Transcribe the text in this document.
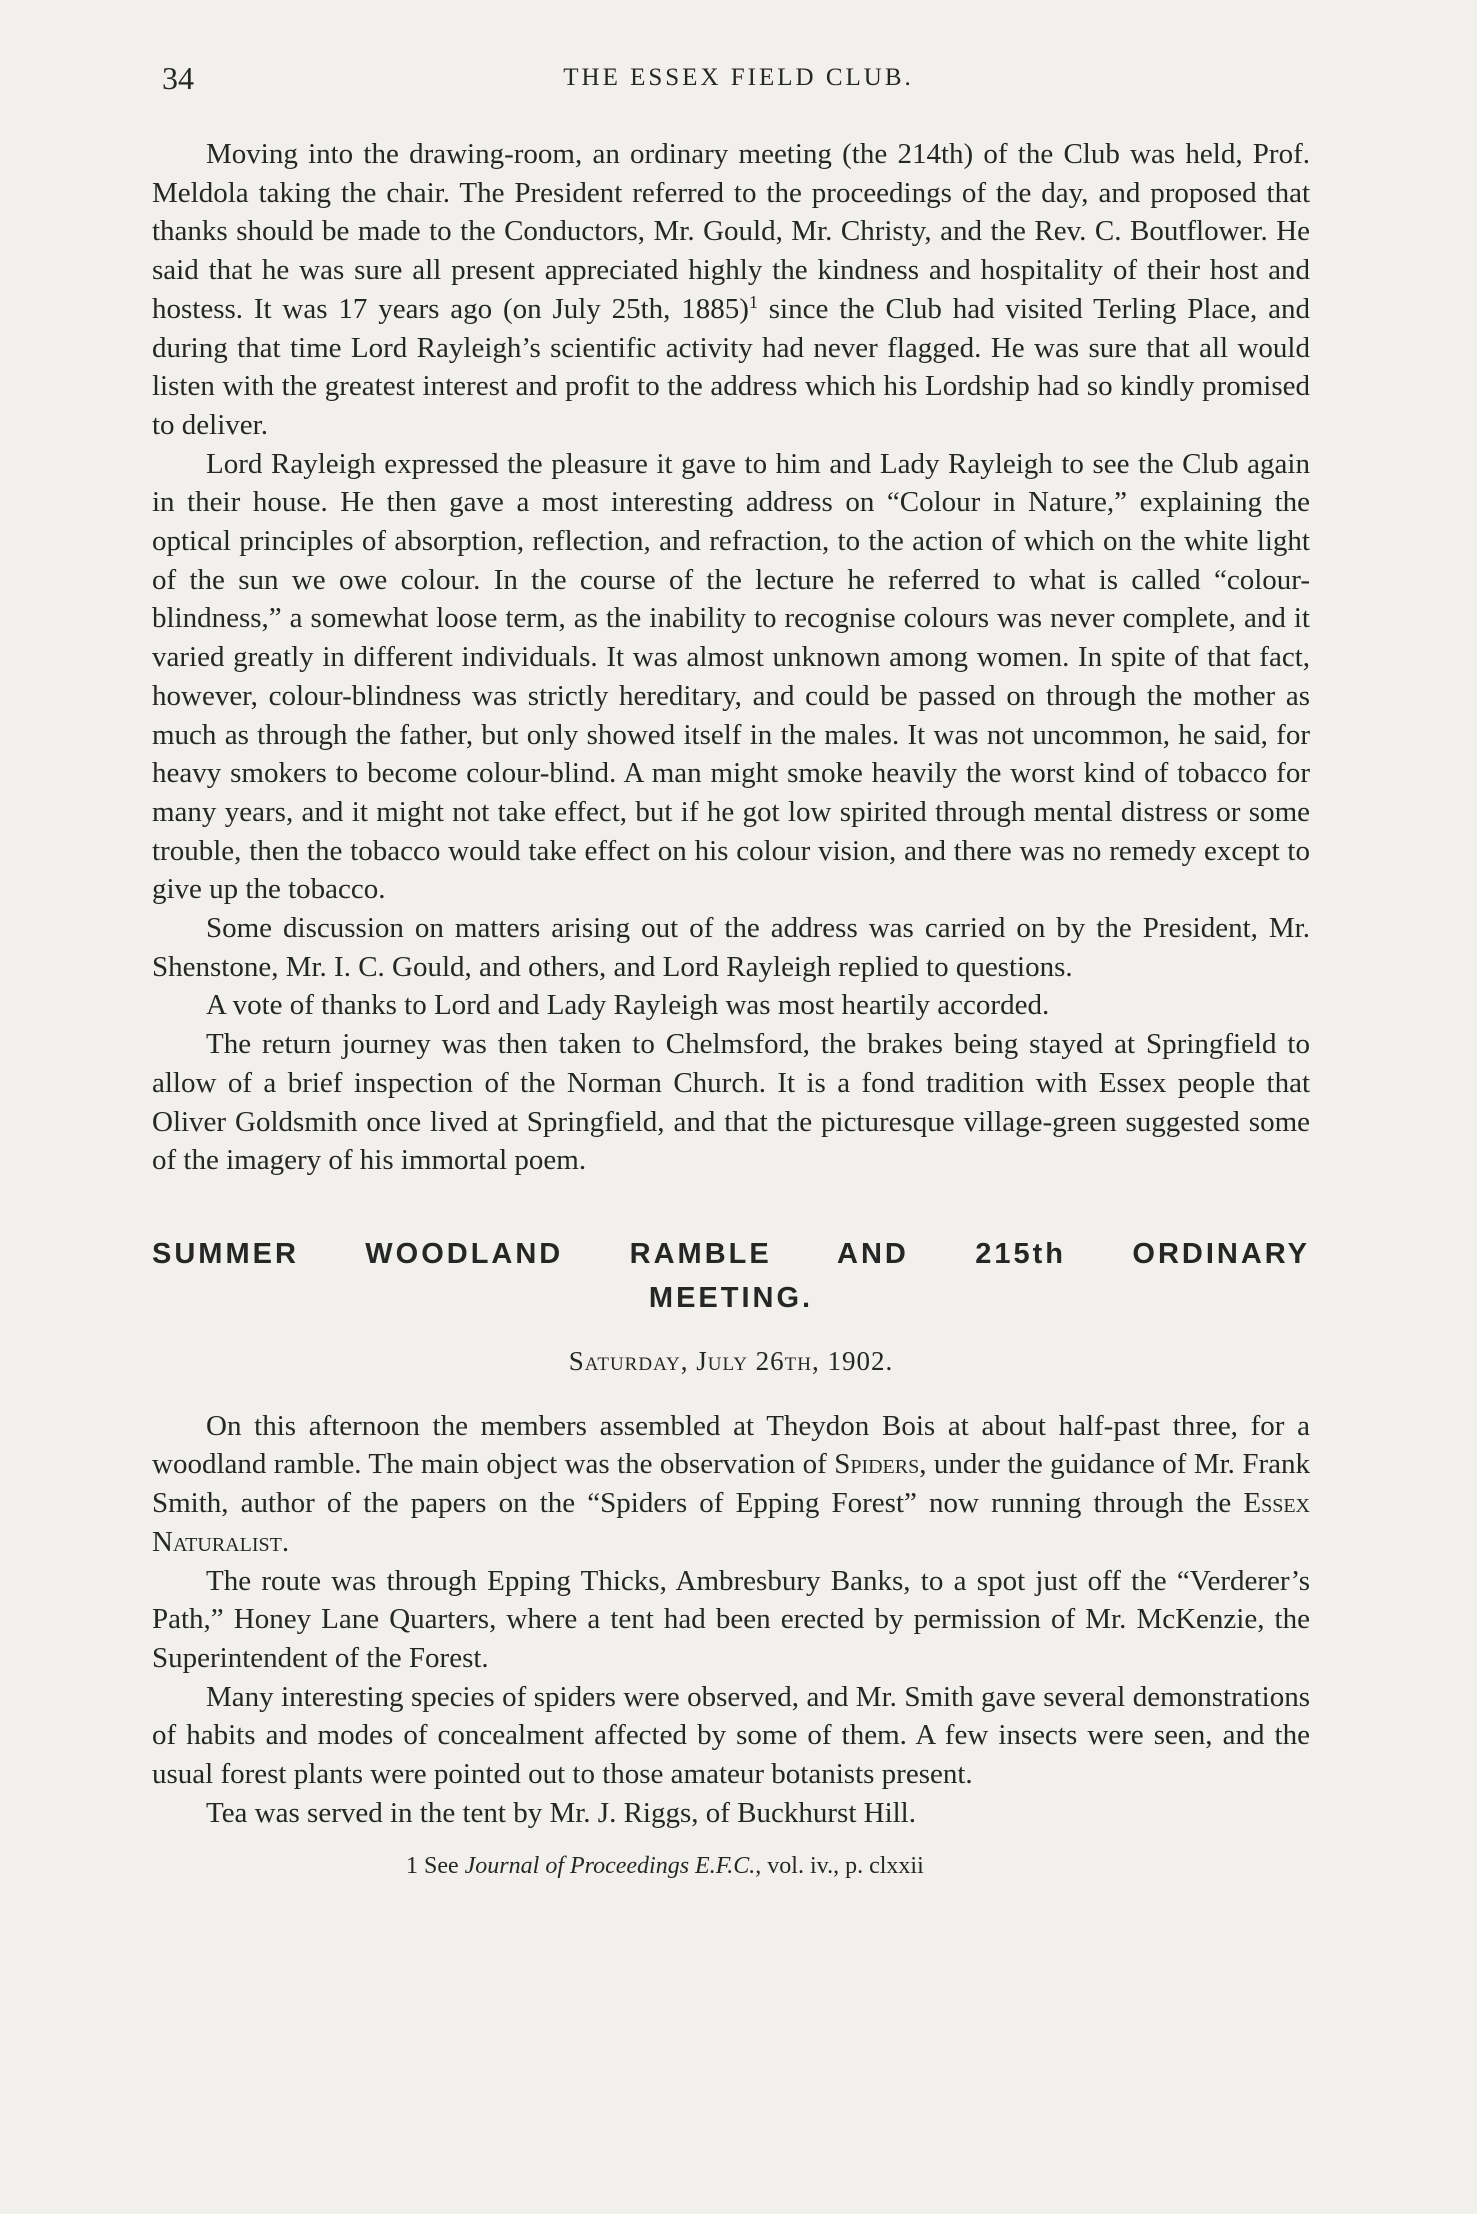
34	THE ESSEX FIELD CLUB.

Moving into the drawing-room, an ordinary meeting (the 214th) of the Club was held, Prof. Meldola taking the chair. The President referred to the proceedings of the day, and proposed that thanks should be made to the Conductors, Mr. Gould, Mr. Christy, and the Rev. C. Boutflower. He said that he was sure all present appreciated highly the kindness and hospitality of their host and hostess. It was 17 years ago (on July 25th, 1885)$^1$ since the Club had visited Terling Place, and during that time Lord Rayleigh’s scientific activity had never flagged. He was sure that all would listen with the greatest interest and profit to the address which his Lordship had so kindly promised to deliver.

Lord Rayleigh expressed the pleasure it gave to him and Lady Rayleigh to see the Club again in their house. He then gave a most interesting address on “Colour in Nature,” explaining the optical principles of absorption, reflection, and refraction, to the action of which on the white light of the sun we owe colour. In the course of the lecture he referred to what is called “colour-blindness,” a somewhat loose term, as the inability to recognise colours was never complete, and it varied greatly in different individuals. It was almost unknown among women. In spite of that fact, however, colour-blindness was strictly hereditary, and could be passed on through the mother as much as through the father, but only showed itself in the males. It was not uncommon, he said, for heavy smokers to become colour-blind. A man might smoke heavily the worst kind of tobacco for many years, and it might not take effect, but if he got low spirited through mental distress or some trouble, then the tobacco would take effect on his colour vision, and there was no remedy except to give up the tobacco.

Some discussion on matters arising out of the address was carried on by the President, Mr. Shenstone, Mr. I. C. Gould, and others, and Lord Rayleigh replied to questions.

A vote of thanks to Lord and Lady Rayleigh was most heartily accorded.

The return journey was then taken to Chelmsford, the brakes being stayed at Springfield to allow of a brief inspection of the Norman Church. It is a fond tradition with Essex people that Oliver Goldsmith once lived at Springfield, and that the picturesque village-green suggested some of the imagery of his immortal poem.

SUMMER WOODLAND RAMBLE AND 215th ORDINARY
MEETING.
Saturday, July 26th, 1902.

On this afternoon the members assembled at Theydon Bois at about half-past three, for a woodland ramble. The main object was the observation of Spiders, under the guidance of Mr. Frank Smith, author of the papers on the “Spiders of Epping Forest” now running through the Essex Naturalist.

The route was through Epping Thicks, Ambresbury Banks, to a spot just off the “Verderer’s Path,” Honey Lane Quarters, where a tent had been erected by permission of Mr. McKenzie, the Superintendent of the Forest.

Many interesting species of spiders were observed, and Mr. Smith gave several demonstrations of habits and modes of concealment affected by some of them. A few insects were seen, and the usual forest plants were pointed out to those amateur botanists present.

Tea was served in the tent by Mr. J. Riggs, of Buckhurst Hill.

1 See Journal of Proceedings E.F.C., vol. iv., p. clxxii
